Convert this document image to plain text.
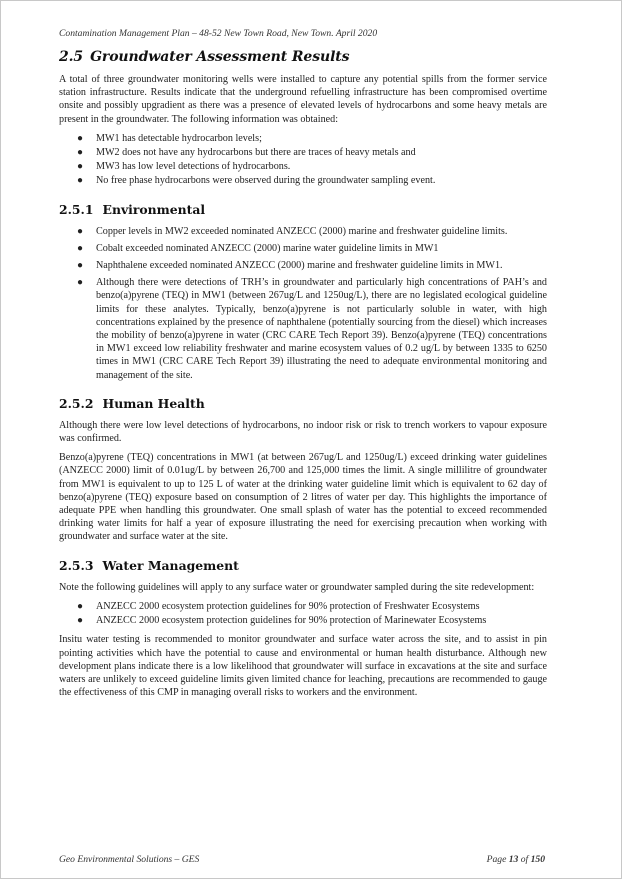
Contamination Management Plan – 48-52 New Town Road, New Town. April 2020
2.5 Groundwater Assessment Results

A total of three groundwater monitoring wells were installed to capture any potential spills from the former service station infrastructure. Results indicate that the underground refuelling infrastructure has been compromised overtime onsite and possibly upgradient as there was a presence of elevated levels of hydrocarbons and some heavy metals are present in the groundwater. The following information was obtained:

● MW1 has detectable hydrocarbon levels;
● MW2 does not have any hydrocarbons but there are traces of heavy metals and
● MW3 has low level detections of hydrocarbons.
● No free phase hydrocarbons were observed during the groundwater sampling event.
2.5.1 Environmental
● Copper levels in MW2 exceeded nominated ANZECC (2000) marine and freshwater guideline limits.
● Cobalt exceeded nominated ANZECC (2000) marine water guideline limits in MW1
● Naphthalene exceeded nominated ANZECC (2000) marine and freshwater guideline limits in MW1.
● Although there were detections of TRH’s in groundwater and particularly high concentrations of PAH’s and benzo(a)pyrene (TEQ) in MW1 (between 267ug/L and 1250ug/L), there are no legislated ecological guideline limits for these analytes. Typically, benzo(a)pyrene is not particularly soluble in water, with high concentrations explained by the presence of naphthalene (potentially sourcing from the diesel) which increases the mobility of benzo(a)pyrene in water (CRC CARE Tech Report 39). Benzo(a)pyrene (TEQ) concentrations in MW1 exceed low reliability freshwater and marine ecosystem values of 0.2 ug/L by between 1335 to 6250 times in MW1 (CRC CARE Tech Report 39) illustrating the need to adequate environmental monitoring and management of the site.
2.5.2 Human Health

Although there were low level detections of hydrocarbons, no indoor risk or risk to trench workers to vapour exposure was confirmed.

Benzo(a)pyrene (TEQ) concentrations in MW1 (at between 267ug/L and 1250ug/L) exceed drinking water guidelines (ANZECC 2000) limit of 0.01ug/L by between 26,700 and 125,000 times the limit. A single millilitre of groundwater from MW1 is equivalent to up to 125 L of water at the drinking water guideline limit which is equivalent to 62 day of benzo(a)pyrene (TEQ) exposure based on consumption of 2 litres of water per day. This highlights the importance of adequate PPE when handling this groundwater. One small splash of water has the potential to exceed recommended drinking water limits for half a year of exposure illustrating the need for exercising precaution when working with groundwater and surface water at the site.

2.5.3 Water Management

Note the following guidelines will apply to any surface water or groundwater sampled during the site redevelopment:

● ANZECC 2000 ecosystem protection guidelines for 90% protection of Freshwater Ecosystems
● ANZECC 2000 ecosystem protection guidelines for 90% protection of Marinewater Ecosystems

Insitu water testing is recommended to monitor groundwater and surface water across the site, and to assist in pin pointing activities which have the potential to cause and environmental or human health disturbance. Although new development plans indicate there is a low likelihood that groundwater will surface in excavations at the site and surface waters are unlikely to exceed guideline limits given limited chance for leaching, precautions are recommended to gauge the effectiveness of this CMP in managing overall risks to workers and the environment.

Geo Environmental Solutions – GES	Page 13 of 150
